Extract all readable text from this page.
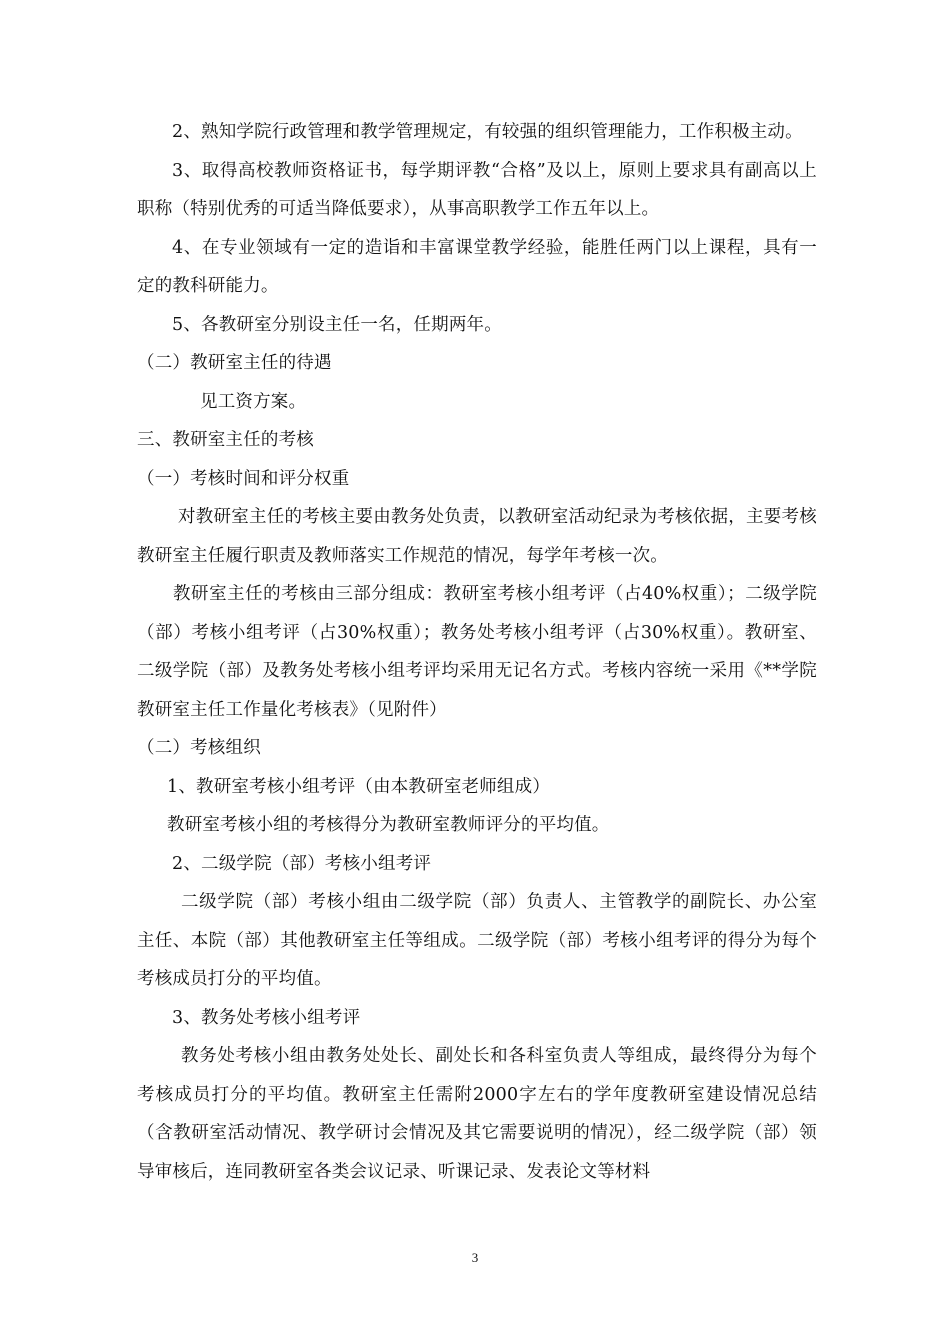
2、熟知学院行政管理和教学管理规定，有较强的组织管理能力，工作积极主动。

3、取得高校教师资格证书，每学期评教“合格”及以上，原则上要求具有副高以上职称（特别优秀的可适当降低要求），从事高职教学工作五年以上。

4、在专业领域有一定的造诣和丰富课堂教学经验，能胜任两门以上课程，具有一定的教科研能力。

5、各教研室分别设主任一名，任期两年。

（二）教研室主任的待遇

见工资方案。

三、教研室主任的考核

（一）考核时间和评分权重

对教研室主任的考核主要由教务处负责，以教研室活动纪录为考核依据，主要考核教研室主任履行职责及教师落实工作规范的情况，每学年考核一次。

教研室主任的考核由三部分组成：教研室考核小组考评（占40%权重）；二级学院（部）考核小组考评（占30%权重）；教务处考核小组考评（占30%权重）。教研室、二级学院（部）及教务处考核小组考评均采用无记名方式。考核内容统一采用《**学院教研室主任工作量化考核表》（见附件）

（二）考核组织

1、教研室考核小组考评（由本教研室老师组成）

教研室考核小组的考核得分为教研室教师评分的平均值。

2、二级学院（部）考核小组考评

二级学院（部）考核小组由二级学院（部）负责人、主管教学的副院长、办公室主任、本院（部）其他教研室主任等组成。二级学院（部）考核小组考评的得分为每个考核成员打分的平均值。

3、教务处考核小组考评

教务处考核小组由教务处处长、副处长和各科室负责人等组成，最终得分为每个考核成员打分的平均值。教研室主任需附2000字左右的学年度教研室建设情况总结（含教研室活动情况、教学研讨会情况及其它需要说明的情况），经二级学院（部）领导审核后，连同教研室各类会议记录、听课记录、发表论文等材料

3
